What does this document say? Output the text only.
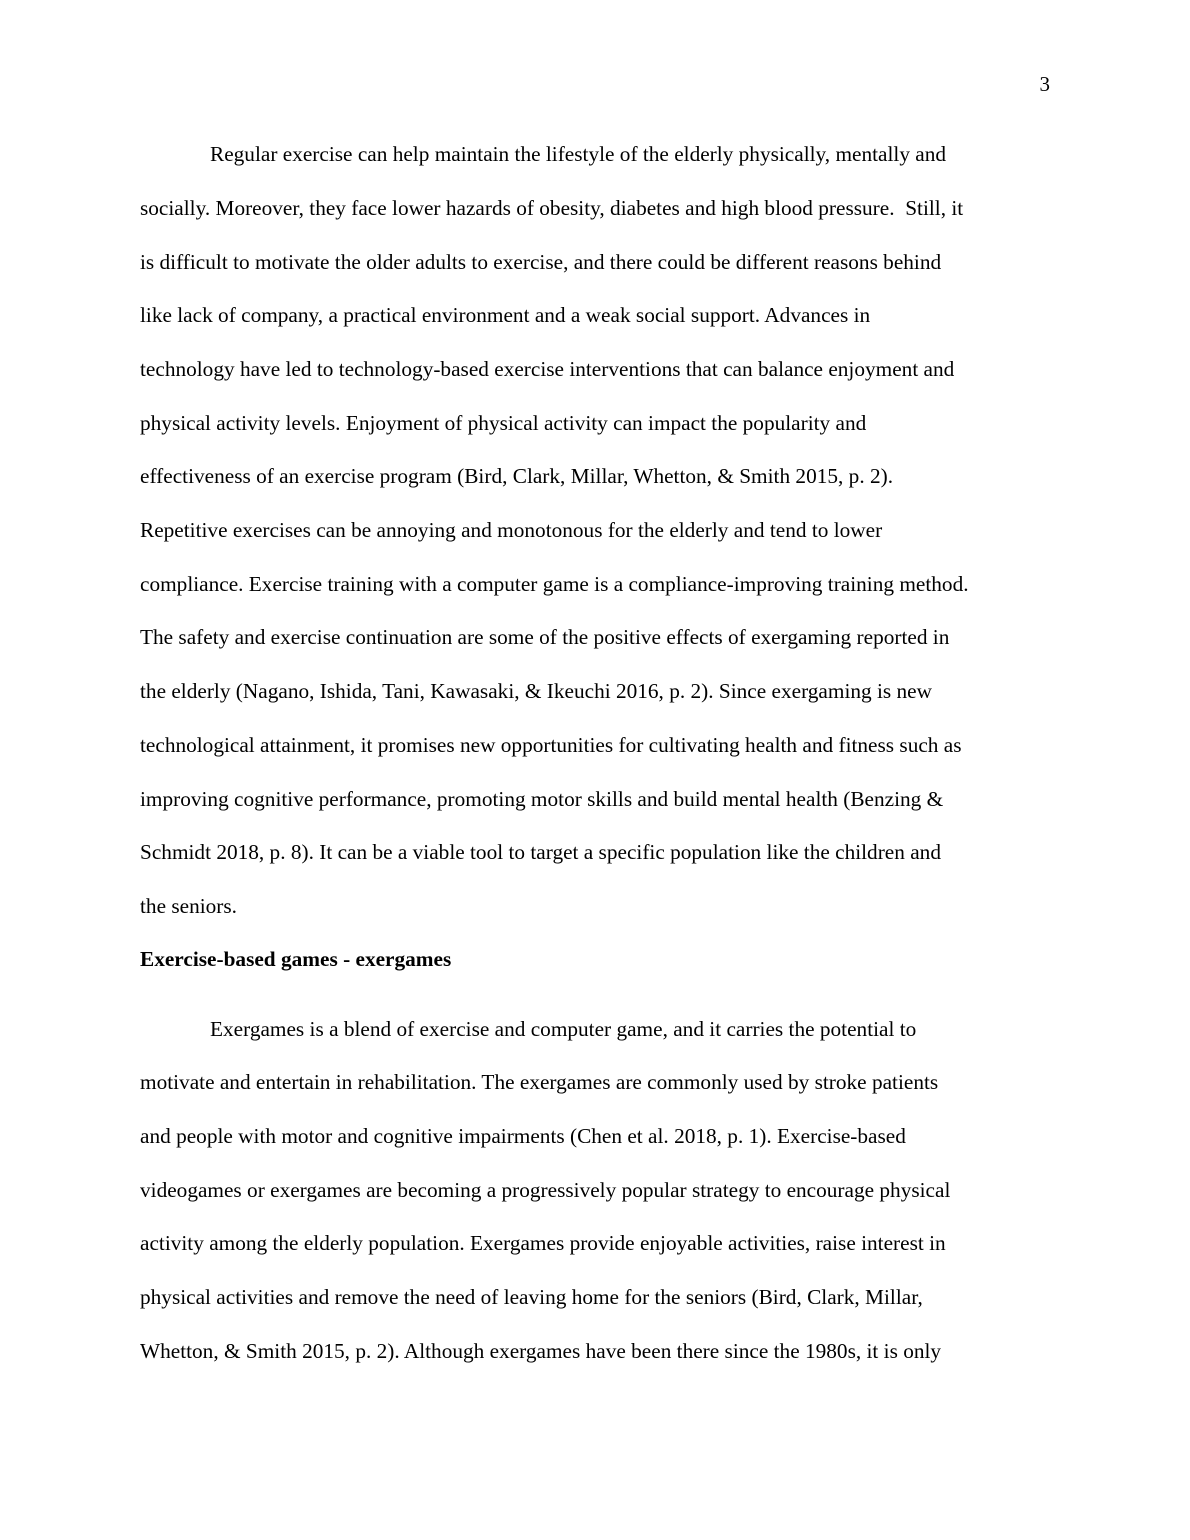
3
Regular exercise can help maintain the lifestyle of the elderly physically, mentally and
socially. Moreover, they face lower hazards of obesity, diabetes and high blood pressure.  Still, it
is difficult to motivate the older adults to exercise, and there could be different reasons behind
like lack of company, a practical environment and a weak social support. Advances in
technology have led to technology-based exercise interventions that can balance enjoyment and
physical activity levels. Enjoyment of physical activity can impact the popularity and
effectiveness of an exercise program (Bird, Clark, Millar, Whetton, & Smith 2015, p. 2).
Repetitive exercises can be annoying and monotonous for the elderly and tend to lower
compliance. Exercise training with a computer game is a compliance-improving training method.
The safety and exercise continuation are some of the positive effects of exergaming reported in
the elderly (Nagano, Ishida, Tani, Kawasaki, & Ikeuchi 2016, p. 2). Since exergaming is new
technological attainment, it promises new opportunities for cultivating health and fitness such as
improving cognitive performance, promoting motor skills and build mental health (Benzing &
Schmidt 2018, p. 8). It can be a viable tool to target a specific population like the children and
the seniors.
Exercise-based games - exergames
Exergames is a blend of exercise and computer game, and it carries the potential to
motivate and entertain in rehabilitation. The exergames are commonly used by stroke patients
and people with motor and cognitive impairments (Chen et al. 2018, p. 1). Exercise-based
videogames or exergames are becoming a progressively popular strategy to encourage physical
activity among the elderly population. Exergames provide enjoyable activities, raise interest in
physical activities and remove the need of leaving home for the seniors (Bird, Clark, Millar,
Whetton, & Smith 2015, p. 2). Although exergames have been there since the 1980s, it is only
